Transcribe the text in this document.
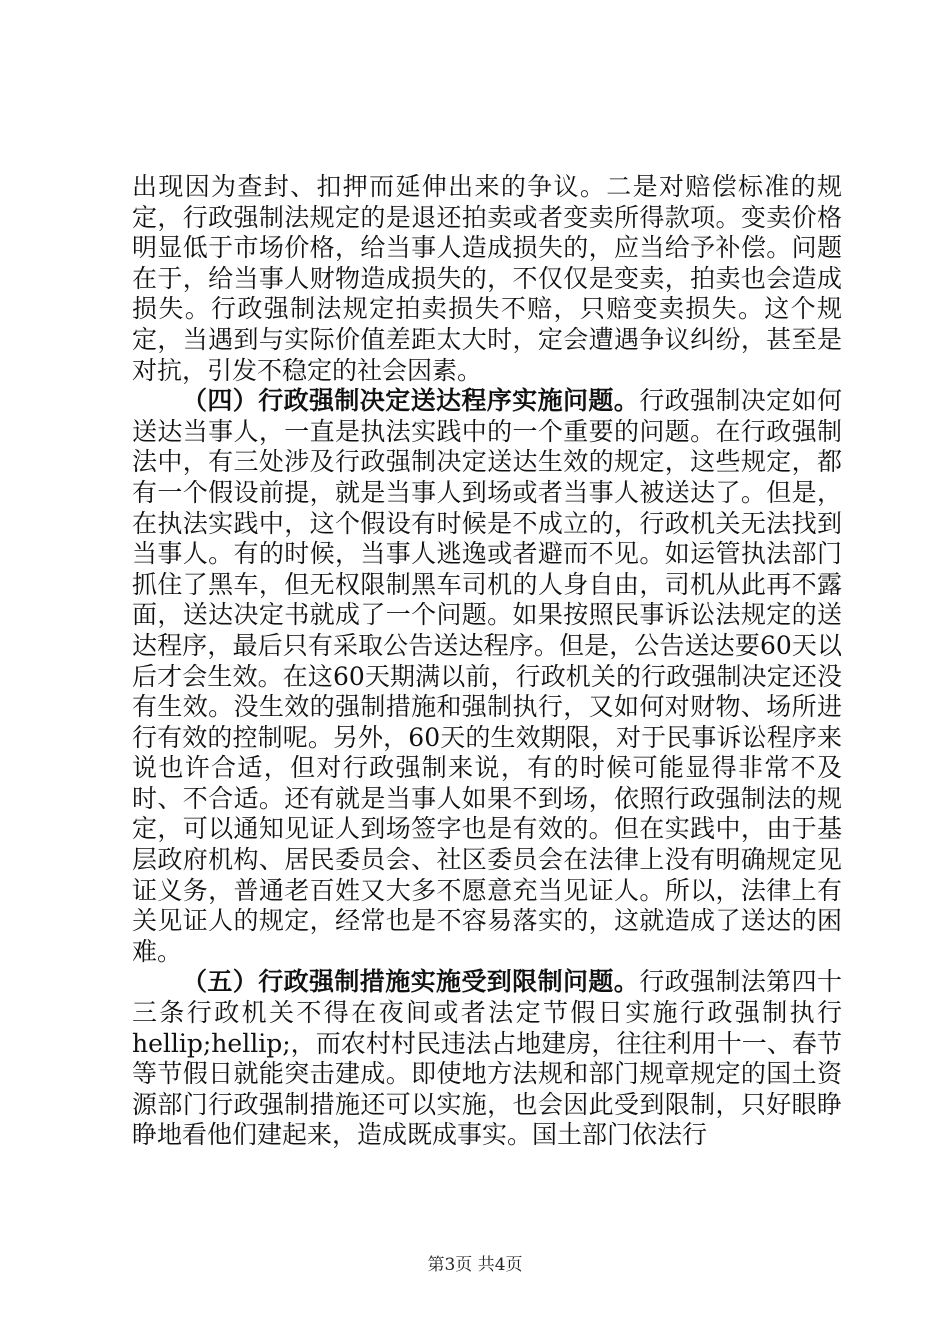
出现因为查封、扣押而延伸出来的争议。二是对赔偿标准的规定，行政强制法规定的是退还拍卖或者变卖所得款项。变卖价格明显低于市场价格，给当事人造成损失的，应当给予补偿。问题在于，给当事人财物造成损失的，不仅仅是变卖，拍卖也会造成损失。行政强制法规定拍卖损失不赔，只赔变卖损失。这个规定，当遇到与实际价值差距太大时，定会遭遇争议纠纷，甚至是对抗，引发不稳定的社会因素。

（四）行政强制决定送达程序实施问题。行政强制决定如何送达当事人，一直是执法实践中的一个重要的问题。在行政强制法中，有三处涉及行政强制决定送达生效的规定，这些规定，都有一个假设前提，就是当事人到场或者当事人被送达了。但是，在执法实践中，这个假设有时候是不成立的，行政机关无法找到当事人。有的时候，当事人逃逸或者避而不见。如运管执法部门抓住了黑车，但无权限制黑车司机的人身自由，司机从此再不露面，送达决定书就成了一个问题。如果按照民事诉讼法规定的送达程序，最后只有采取公告送达程序。但是，公告送达要60天以后才会生效。在这60天期满以前，行政机关的行政强制决定还没有生效。没生效的强制措施和强制执行，又如何对财物、场所进行有效的控制呢。另外，60天的生效期限，对于民事诉讼程序来说也许合适，但对行政强制来说，有的时候可能显得非常不及时、不合适。还有就是当事人如果不到场，依照行政强制法的规定，可以通知见证人到场签字也是有效的。但在实践中，由于基层政府机构、居民委员会、社区委员会在法律上没有明确规定见证义务，普通老百姓又大多不愿意充当见证人。所以，法律上有关见证人的规定，经常也是不容易落实的，这就造成了送达的困难。

（五）行政强制措施实施受到限制问题。行政强制法第四十三条行政机关不得在夜间或者法定节假日实施行政强制执行hellip;hellip;，而农村村民违法占地建房，往往利用十一、春节等节假日就能突击建成。即使地方法规和部门规章规定的国土资源部门行政强制措施还可以实施，也会因此受到限制，只好眼睁睁地看他们建起来，造成既成事实。国土部门依法行

第3页 共4页
